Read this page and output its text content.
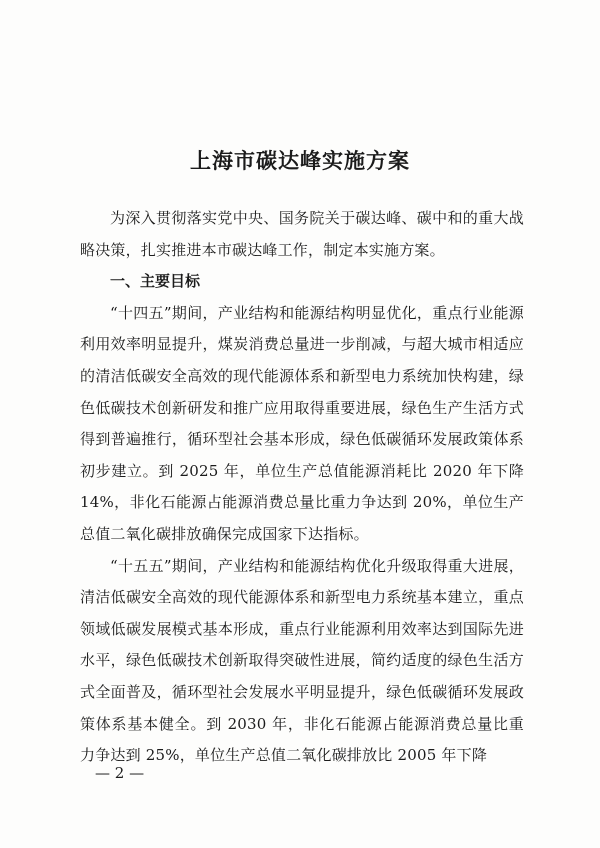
上海市碳达峰实施方案

为深入贯彻落实党中央、国务院关于碳达峰、碳中和的重大战略决策，扎实推进本市碳达峰工作，制定本实施方案。

一、主要目标

“十四五”期间，产业结构和能源结构明显优化，重点行业能源利用效率明显提升，煤炭消费总量进一步削减，与超大城市相适应的清洁低碳安全高效的现代能源体系和新型电力系统加快构建，绿色低碳技术创新研发和推广应用取得重要进展，绿色生产生活方式得到普遍推行，循环型社会基本形成，绿色低碳循环发展政策体系初步建立。到 2025 年，单位生产总值能源消耗比 2020 年下降 14%，非化石能源占能源消费总量比重力争达到 20%，单位生产总值二氧化碳排放确保完成国家下达指标。

“十五五”期间，产业结构和能源结构优化升级取得重大进展，清洁低碳安全高效的现代能源体系和新型电力系统基本建立，重点领域低碳发展模式基本形成，重点行业能源利用效率达到国际先进水平，绿色低碳技术创新取得突破性进展，简约适度的绿色生活方式全面普及，循环型社会发展水平明显提升，绿色低碳循环发展政策体系基本健全。到 2030 年，非化石能源占能源消费总量比重力争达到 25%，单位生产总值二氧化碳排放比 2005 年下降

— 2 —
